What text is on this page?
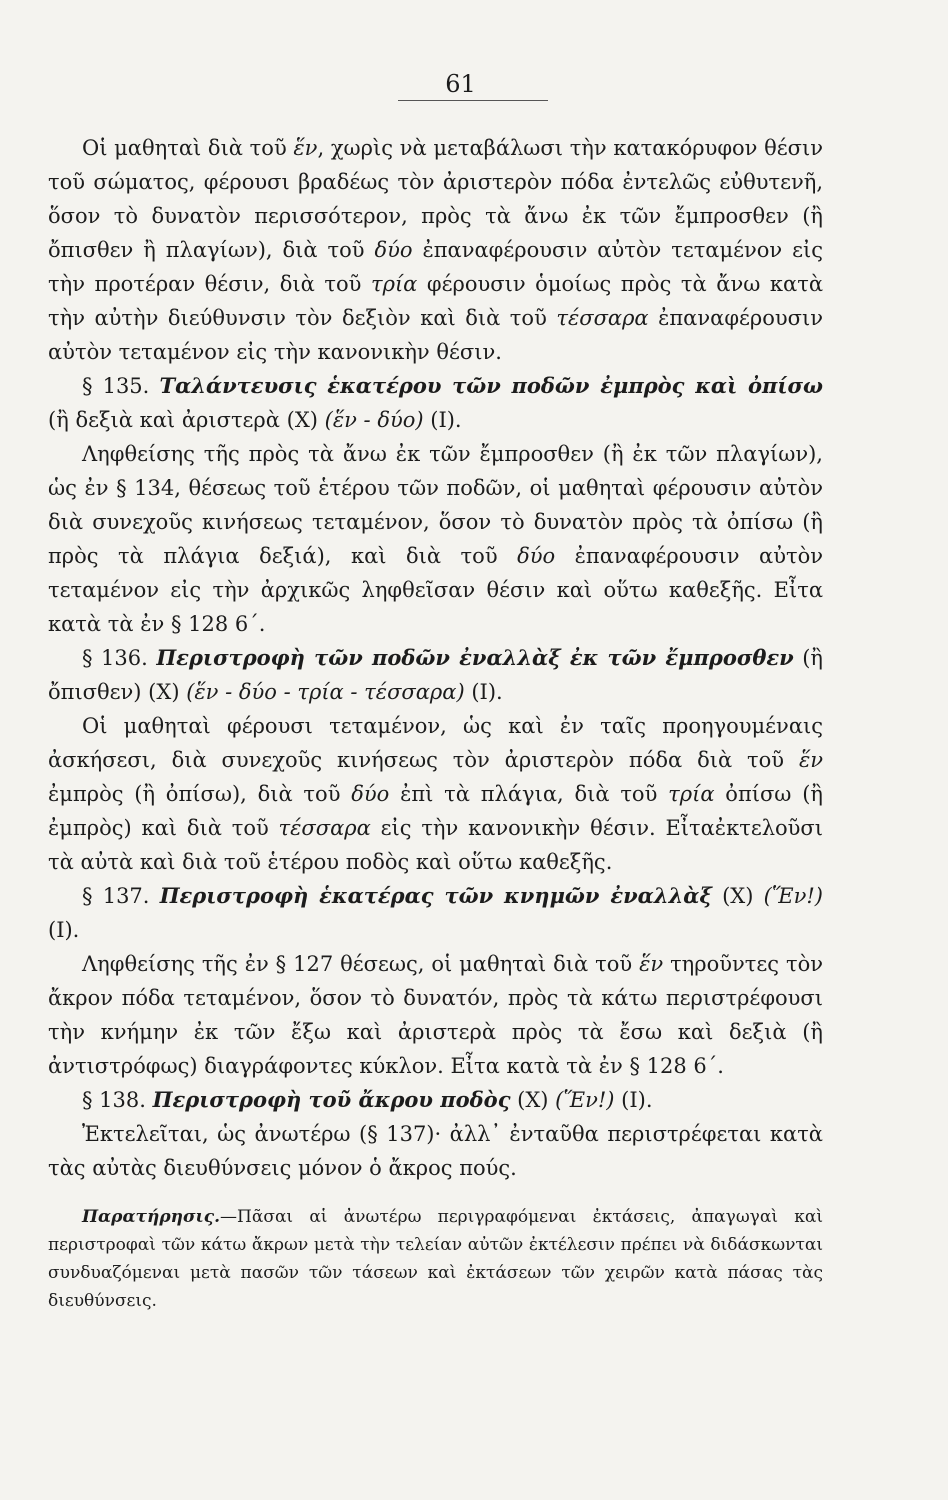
61

Οἱ μαθηταὶ διὰ τοῦ ἕν, χωρὶς νὰ μεταβάλωσι τὴν κατακόρυφον θέσιν τοῦ σώματος, φέρουσι βραδέως τὸν ἀριστερὸν πόδα ἐντελῶς εὐθυτενῆ, ὅσον τὸ δυνατὸν περισσότερον, πρὸς τὰ ἄνω ἐκ τῶν ἔμπροσθεν (ἢ ὄπισθεν ἢ πλαγίων), διὰ τοῦ δύο ἐπαναφέρουσιν αὐτὸν τεταμένον εἰς τὴν προτέραν θέσιν, διὰ τοῦ τρία φέρουσιν ὁμοίως πρὸς τὰ ἄνω κατὰ τὴν αὐτὴν διεύθυνσιν τὸν δεξιὸν καὶ διὰ τοῦ τέσσαρα ἐπαναφέρουσιν αὐτὸν τεταμένον εἰς τὴν κανονικὴν θέσιν.

§ 135. Ταλάντευσις ἑκατέρου τῶν ποδῶν ἐμπρὸς καὶ ὀπίσω (ἢ δεξιὰ καὶ ἀριστερὰ (Χ) (ἕν - δύο) (Ι).

Ληφθείσης τῆς πρὸς τὰ ἄνω ἐκ τῶν ἔμπροσθεν (ἢ ἐκ τῶν πλαγίων), ὡς ἐν § 134, θέσεως τοῦ ἑτέρου τῶν ποδῶν, οἱ μαθηταὶ φέρουσιν αὐτὸν διὰ συνεχοῦς κινήσεως τεταμένον, ὅσον τὸ δυνατὸν πρὸς τὰ ὀπίσω (ἢ πρὸς τὰ πλάγια δεξιά), καὶ διὰ τοῦ δύο ἐπαναφέρουσιν αὐτὸν τεταμένον εἰς τὴν ἀρχικῶς ληφθεῖσαν θέσιν καὶ οὕτω καθεξῆς. Εἶτα κατὰ τὰ ἐν § 128 6΄.

§ 136. Περιστροφὴ τῶν ποδῶν ἐναλλὰξ ἐκ τῶν ἔμπροσθεν (ἢ ὄπισθεν) (Χ) (ἕν - δύο - τρία - τέσσαρα) (Ι).

Οἱ μαθηταὶ φέρουσι τεταμένον, ὡς καὶ ἐν ταῖς προηγουμέναις ἀσκήσεσι, διὰ συνεχοῦς κινήσεως τὸν ἀριστερὸν πόδα διὰ τοῦ ἕν ἐμπρὸς (ἢ ὀπίσω), διὰ τοῦ δύο ἐπὶ τὰ πλάγια, διὰ τοῦ τρία ὀπίσω (ἢ ἐμπρὸς) καὶ διὰ τοῦ τέσσαρα εἰς τὴν κανονικὴν θέσιν. Εἶταἐκτελοῦσι τὰ αὐτὰ καὶ διὰ τοῦ ἑτέρου ποδὸς καὶ οὕτω καθεξῆς.

§ 137. Περιστροφὴ ἑκατέρας τῶν κνημῶν ἐναλλὰξ (Χ) (Ἕν!) (Ι).

Ληφθείσης τῆς ἐν § 127 θέσεως, οἱ μαθηταὶ διὰ τοῦ ἕν τηροῦντες τὸν ἄκρον πόδα τεταμένον, ὅσον τὸ δυνατόν, πρὸς τὰ κάτω περιστρέφουσι τὴν κνήμην ἐκ τῶν ἔξω καὶ ἀριστερὰ πρὸς τὰ ἔσω καὶ δεξιὰ (ἢ ἀντιστρόφως) διαγράφοντες κύκλον. Εἶτα κατὰ τὰ ἐν § 128 6΄.

§ 138. Περιστροφὴ τοῦ ἄκρου ποδὸς (Χ) (Ἕν!) (Ι).

Ἐκτελεῖται, ὡς ἀνωτέρω (§ 137)· ἀλλ᾽ ἐνταῦθα περιστρέφεται κατὰ τὰς αὐτὰς διευθύνσεις μόνον ὁ ἄκρος πούς.

Παρατήρησις.—Πᾶσαι αἱ ἀνωτέρω περιγραφόμεναι ἐκτάσεις, ἀπαγωγαὶ καὶ περιστροφαὶ τῶν κάτω ἄκρων μετὰ τὴν τελείαν αὐτῶν ἐκτέλεσιν πρέπει νὰ διδάσκωνται συνδυαζόμεναι μετὰ πασῶν τῶν τάσεων καὶ ἐκτάσεων τῶν χειρῶν κατὰ πάσας τὰς διευθύνσεις.
